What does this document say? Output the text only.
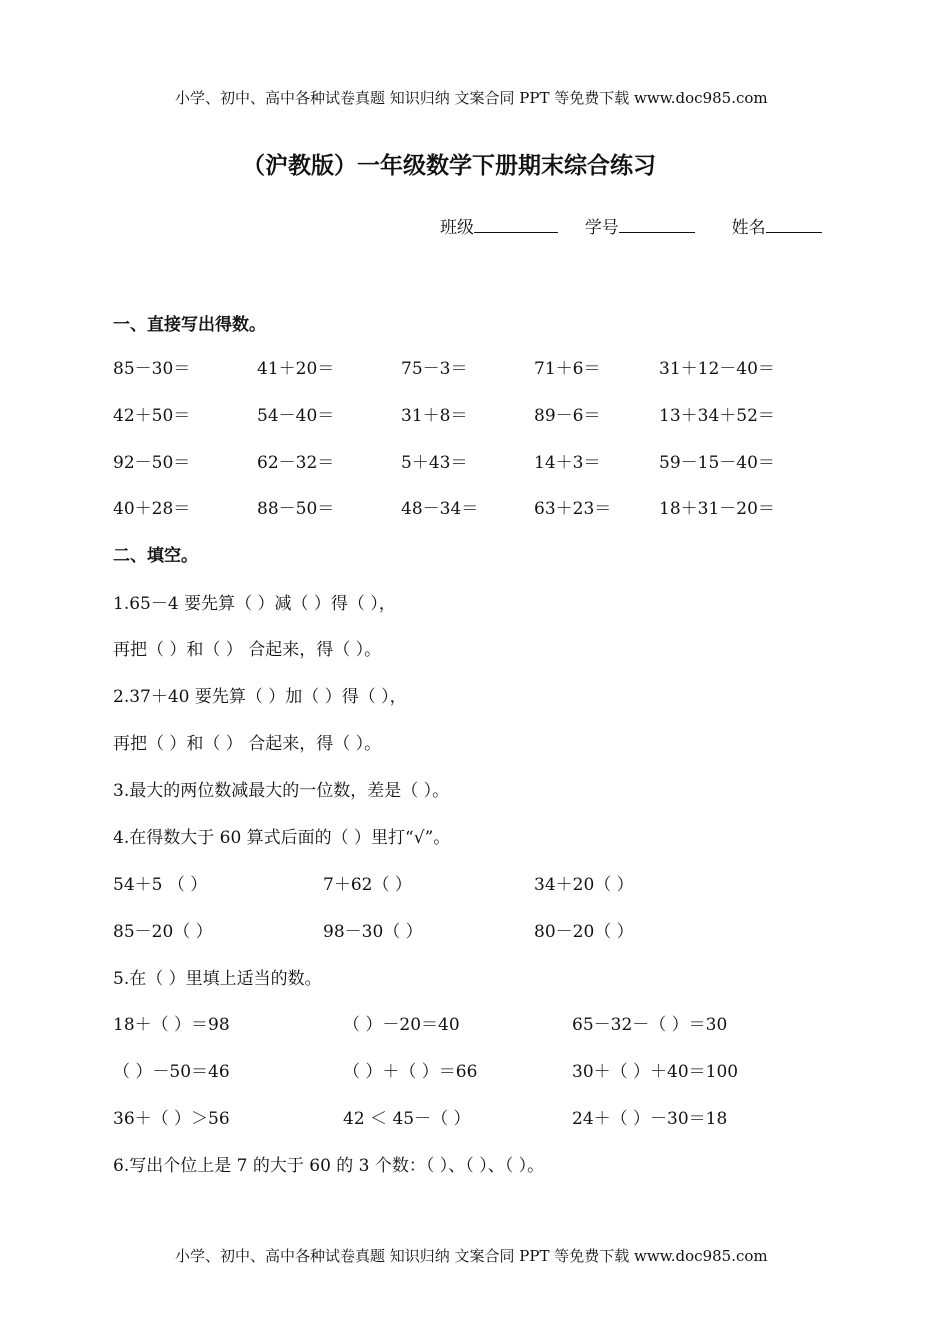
小学、初中、高中各种试卷真题 知识归纳 文案合同 PPT 等免费下载 www.doc985.com
（沪教版）一年级数学下册期末综合练习
班级	学号	姓名
一、直接写出得数。
85－30＝	41＋20＝	75－3＝	71＋6＝	31＋12－40＝
42＋50＝	54－40＝	31＋8＝	89－6＝	13＋34＋52＝
92－50＝	62－32＝	5＋43＝	14＋3＝	59－15－40＝
40＋28＝	88－50＝	48－34＝	63＋23＝	18＋31－20＝
二、填空。
1.65－4 要先算（ ）减（ ）得（ ），
再把（ ）和（ ） 合起来，得（ ）。
2.37＋40 要先算（ ）加（ ）得（ ），
再把（ ）和（ ） 合起来，得（ ）。
3.最大的两位数减最大的一位数，差是（ ）。
4.在得数大于 60 算式后面的（ ）里打“√”。
54＋5 （ ）	7＋62（ ）	34＋20（ ）
85－20（ ）	98－30（ ）	80－20（ ）
5.在（ ）里填上适当的数。
18＋（ ）＝98	（ ）－20＝40	65－32－（ ）＝30
（ ）－50＝46	（ ）＋（ ）＝66	30＋（ ）＋40＝100
36＋（ ）＞56	42 ＜ 45－（ ）	24＋（ ）－30＝18
6.写出个位上是 7 的大于 60 的 3 个数：（ ）、（ ）、（ ）。
小学、初中、高中各种试卷真题 知识归纳 文案合同 PPT 等免费下载 www.doc985.com
